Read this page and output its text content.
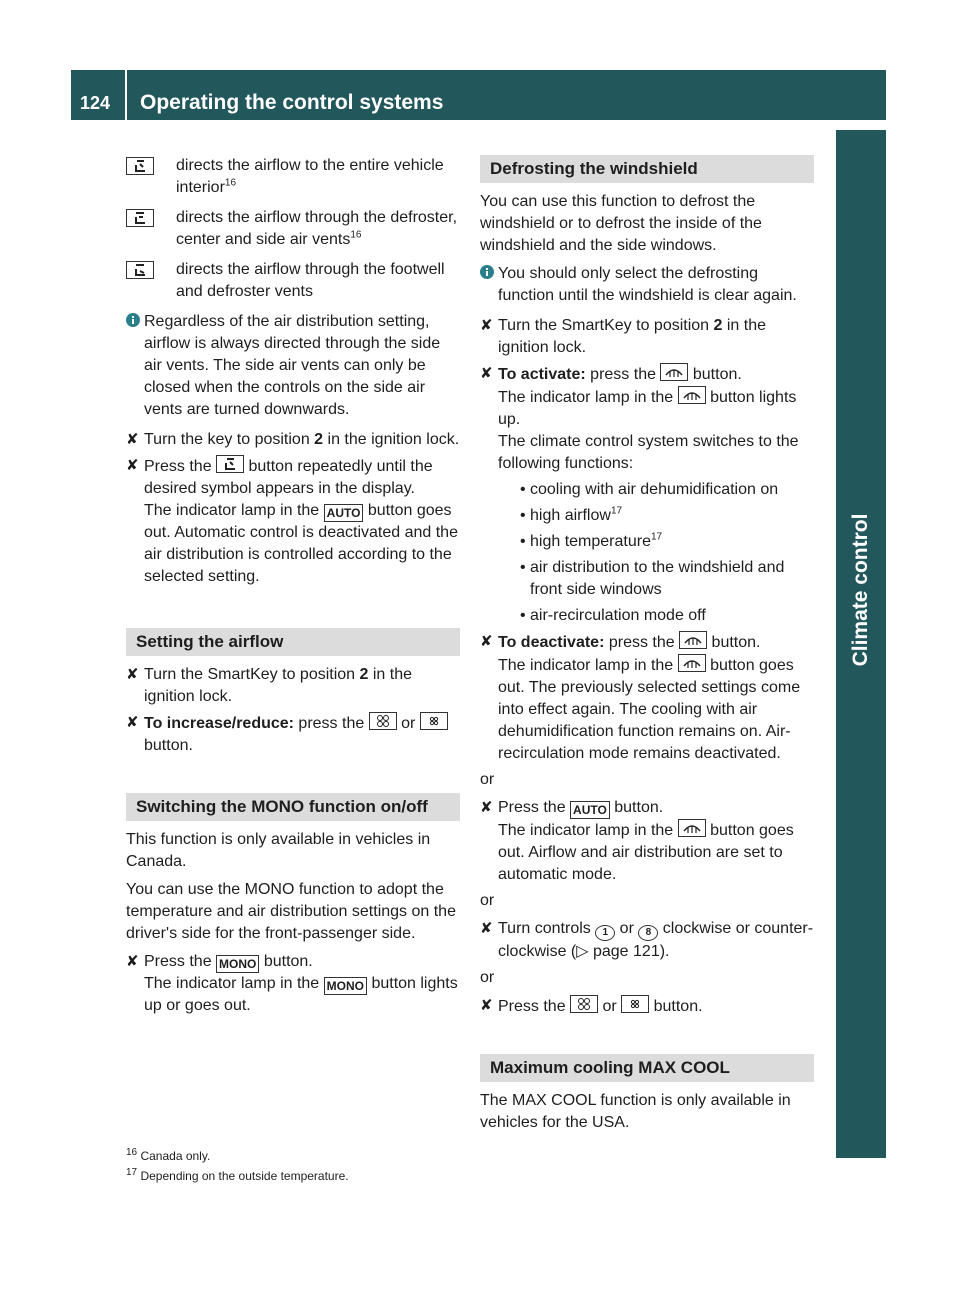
124 Operating the control systems
Climate control
directs the airflow to the entire vehicle interior$^{16}$
directs the airflow through the defroster, center and side air vents$^{16}$
directs the airflow through the footwell and defroster vents
Regardless of the air distribution setting, airflow is always directed through the side air vents. The side air vents can only be closed when the controls on the side air vents are turned downwards.
✘ Turn the key to position 2 in the ignition lock.
✘ Press the
button repeatedly until the desired symbol appears in the display.

The indicator lamp in the AUTO button goes out. Automatic control is deactivated and the air distribution is controlled according to the selected setting.

Setting the airflow
✘ Turn the SmartKey to position 2 in the ignition lock.
✘ To increase/reduce: press the
or
button.
Switching the MONO function on/off

This function is only available in vehicles in Canada.

You can use the MONO function to adopt the temperature and air distribution settings on the driver's side for the front-passenger side.

✘ Press the MONO button.

The indicator lamp in the MONO button lights up or goes out.

Defrosting the windshield

You can use this function to defrost the windshield or to defrost the inside of the windshield and the side windows.

You should only select the defrosting function until the windshield is clear again.
✘ Turn the SmartKey to position 2 in the ignition lock.
✘ To activate: press the
button.

The indicator lamp in the
button lights up.

The climate control system switches to the following functions:

• cooling with air dehumidification on
• high airflow$^{17}$
• high temperature$^{17}$
• air distribution to the windshield and front side windows
• air-recirculation mode off
✘ To deactivate: press the
button.

The indicator lamp in the
button goes out. The previously selected settings come into effect again. The cooling with air dehumidification function remains on. Air-recirculation mode remains deactivated.

or

✘ Press the AUTO button.

The indicator lamp in the
button goes out. Airflow and air distribution are set to automatic mode.

or

✘ Turn controls 1 or 8 clockwise or counter-clockwise (▷ page 121).

or

✘ Press the
or
button.
Maximum cooling MAX COOL

The MAX COOL function is only available in vehicles for the USA.

$^{16}$ Canada only.
$^{17}$ Depending on the outside temperature.
